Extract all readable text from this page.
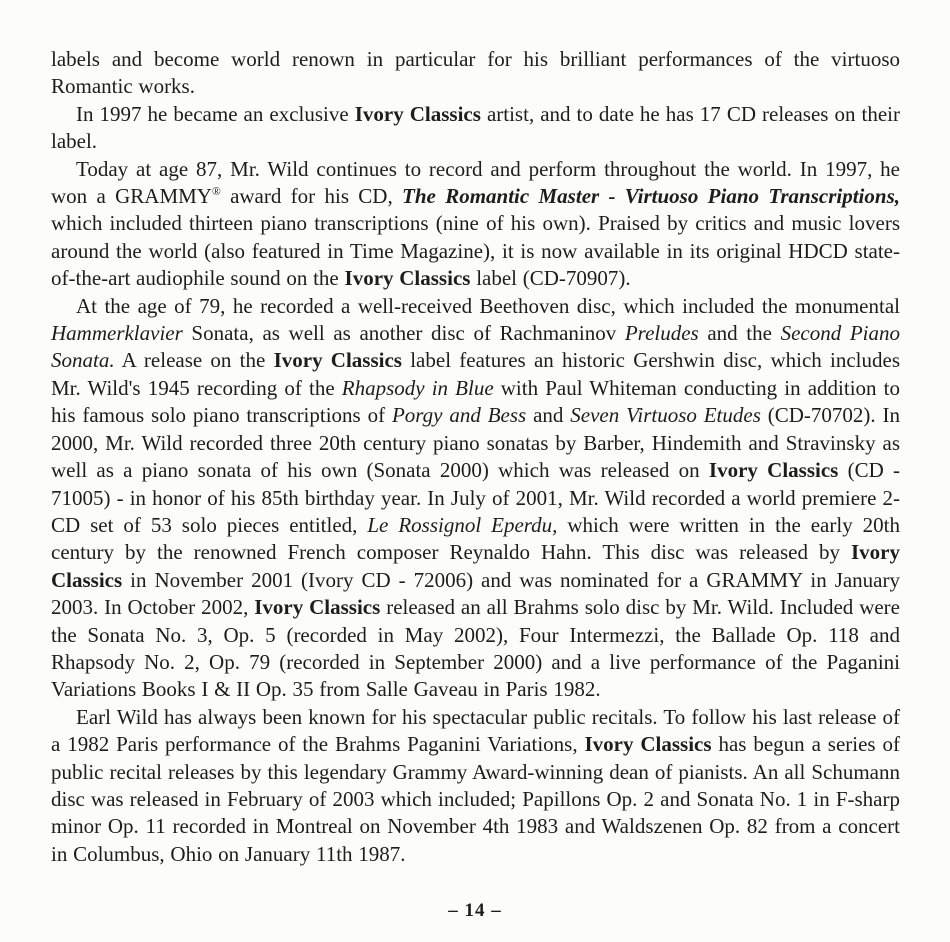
labels and become world renown in particular for his brilliant performances of the virtuoso Romantic works.

In 1997 he became an exclusive Ivory Classics artist, and to date he has 17 CD releases on their label.

Today at age 87, Mr. Wild continues to record and perform throughout the world. In 1997, he won a GRAMMY® award for his CD, The Romantic Master - Virtuoso Piano Transcriptions, which included thirteen piano transcriptions (nine of his own). Praised by critics and music lovers around the world (also featured in Time Magazine), it is now available in its original HDCD state-of-the-art audiophile sound on the Ivory Classics label (CD-70907).

At the age of 79, he recorded a well-received Beethoven disc, which included the monumental Hammerklavier Sonata, as well as another disc of Rachmaninov Preludes and the Second Piano Sonata. A release on the Ivory Classics label features an historic Gershwin disc, which includes Mr. Wild's 1945 recording of the Rhapsody in Blue with Paul Whiteman conducting in addition to his famous solo piano transcriptions of Porgy and Bess and Seven Virtuoso Etudes (CD-70702). In 2000, Mr. Wild recorded three 20th century piano sonatas by Barber, Hindemith and Stravinsky as well as a piano sonata of his own (Sonata 2000) which was released on Ivory Classics (CD - 71005) - in honor of his 85th birthday year. In July of 2001, Mr. Wild recorded a world premiere 2-CD set of 53 solo pieces entitled, Le Rossignol Eperdu, which were written in the early 20th century by the renowned French composer Reynaldo Hahn. This disc was released by Ivory Classics in November 2001 (Ivory CD - 72006) and was nominated for a GRAMMY in January 2003. In October 2002, Ivory Classics released an all Brahms solo disc by Mr. Wild. Included were the Sonata No. 3, Op. 5 (recorded in May 2002), Four Intermezzi, the Ballade Op. 118 and Rhapsody No. 2, Op. 79 (recorded in September 2000) and a live performance of the Paganini Variations Books I & II Op. 35 from Salle Gaveau in Paris 1982.

Earl Wild has always been known for his spectacular public recitals. To follow his last release of a 1982 Paris performance of the Brahms Paganini Variations, Ivory Classics has begun a series of public recital releases by this legendary Grammy Award-winning dean of pianists. An all Schumann disc was released in February of 2003 which included; Papillons Op. 2 and Sonata No. 1 in F-sharp minor Op. 11 recorded in Montreal on November 4th 1983 and Waldszenen Op. 82 from a concert in Columbus, Ohio on January 11th 1987.

– 14 –
